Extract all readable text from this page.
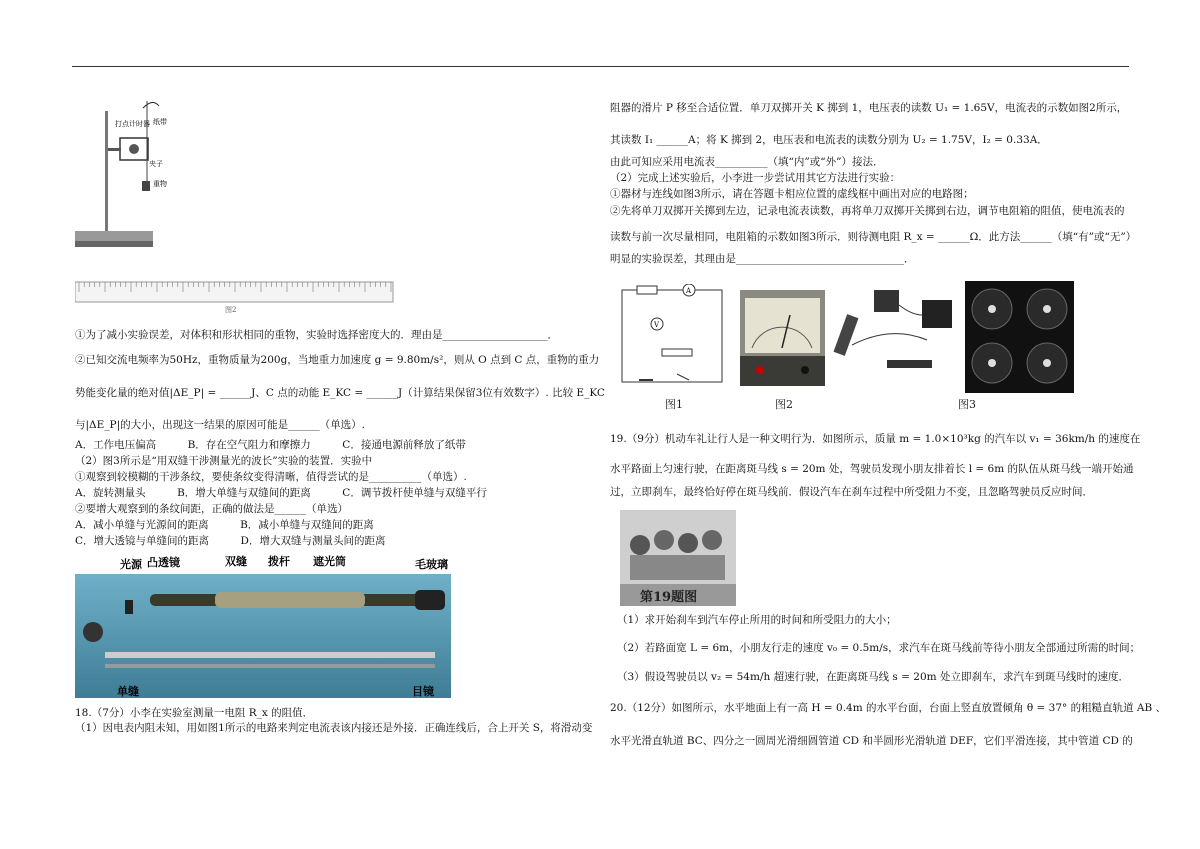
打点计时器 纸带
夹子
重物
图2
①为了减小实验误差，对体积和形状相同的重物，实验时选择密度大的．理由是____________________．
②已知交流电频率为50Hz，重物质量为200g，当地重力加速度 g = 9.80m/s²，则从 O 点到 C 点，重物的重力
势能变化量的绝对值|ΔE_P| = ______J、C 点的动能 E_KC = ______J（计算结果保留3位有效数字）. 比较 E_KC
与|ΔE_P|的大小，出现这一结果的原因可能是______（单选）.
A．工作电压偏高　　　B．存在空气阻力和摩擦力　　　C．接通电源前释放了纸带
（2）图3所示是“用双缝干涉测量光的波长”实验的装置．实验中
①观察到较模糊的干涉条纹，要使条纹变得清晰，值得尝试的是__________（单选）.
A．旋转测量头　　　B．增大单缝与双缝间的距离　　　C．调节拨杆使单缝与双缝平行
②要增大观察到的条纹间距，正确的做法是______（单选）
A．减小单缝与光源间的距离　　　B．减小单缝与双缝间的距离
C．增大透镜与单缝间的距离　　　D．增大双缝与测量头间的距离
光源 凸透镜	双缝 拨杆 遮光筒	毛玻璃
单缝	目镜
18.（7分）小李在实验室测量一电阻 R_x 的阻值．
（1）因电表内阻未知，用如图1所示的电路来判定电流表该内接还是外接．正确连线后，合上开关 S，将滑动变
阻器的滑片 P 移至合适位置．单刀双掷开关 K 掷到 1，电压表的读数 U₁ = 1.65V，电流表的示数如图2所示，
其读数 I₁ ______A；将 K 掷到 2，电压表和电流表的读数分别为 U₂ = 1.75V，I₂ = 0.33A．
由此可知应采用电流表__________（填“内”或“外”）接法．
（2）完成上述实验后，小李进一步尝试用其它方法进行实验：
①器材与连线如图3所示，请在答题卡相应位置的虚线框中画出对应的电路图；
②先将单刀双掷开关掷到左边，记录电流表读数，再将单刀双掷开关掷到右边，调节电阻箱的阻值，使电流表的
读数与前一次尽量相同，电阻箱的示数如图3所示．则待测电阻 R_x = ______Ω．此方法______（填“有”或“无”）
明显的实验误差，其理由是________________________________．
A
V
图1	图2	图3
19.（9分）机动车礼让行人是一种文明行为．如图所示，质量 m = 1.0×10³kg 的汽车以 v₁ = 36km/h 的速度在
水平路面上匀速行驶，在距离斑马线 s = 20m 处，驾驶员发现小朋友排着长 l = 6m 的队伍从斑马线一端开始通
过，立即刹车，最终恰好停在斑马线前．假设汽车在刹车过程中所受阻力不变，且忽略驾驶员反应时间．
第19题图
（1）求开始刹车到汽车停止所用的时间和所受阻力的大小；
（2）若路面宽 L = 6m，小朋友行走的速度 v₀ = 0.5m/s，求汽车在斑马线前等待小朋友全部通过所需的时间；
（3）假设驾驶员以 v₂ = 54m/h 超速行驶，在距离斑马线 s = 20m 处立即刹车，求汽车到斑马线时的速度．
20.（12分）如图所示，水平地面上有一高 H = 0.4m 的水平台面，台面上竖直放置倾角 θ = 37° 的粗糙直轨道 AB 、
水平光滑直轨道 BC、四分之一圆周光滑细圆管道 CD 和半圆形光滑轨道 DEF，它们平滑连接，其中管道 CD 的
